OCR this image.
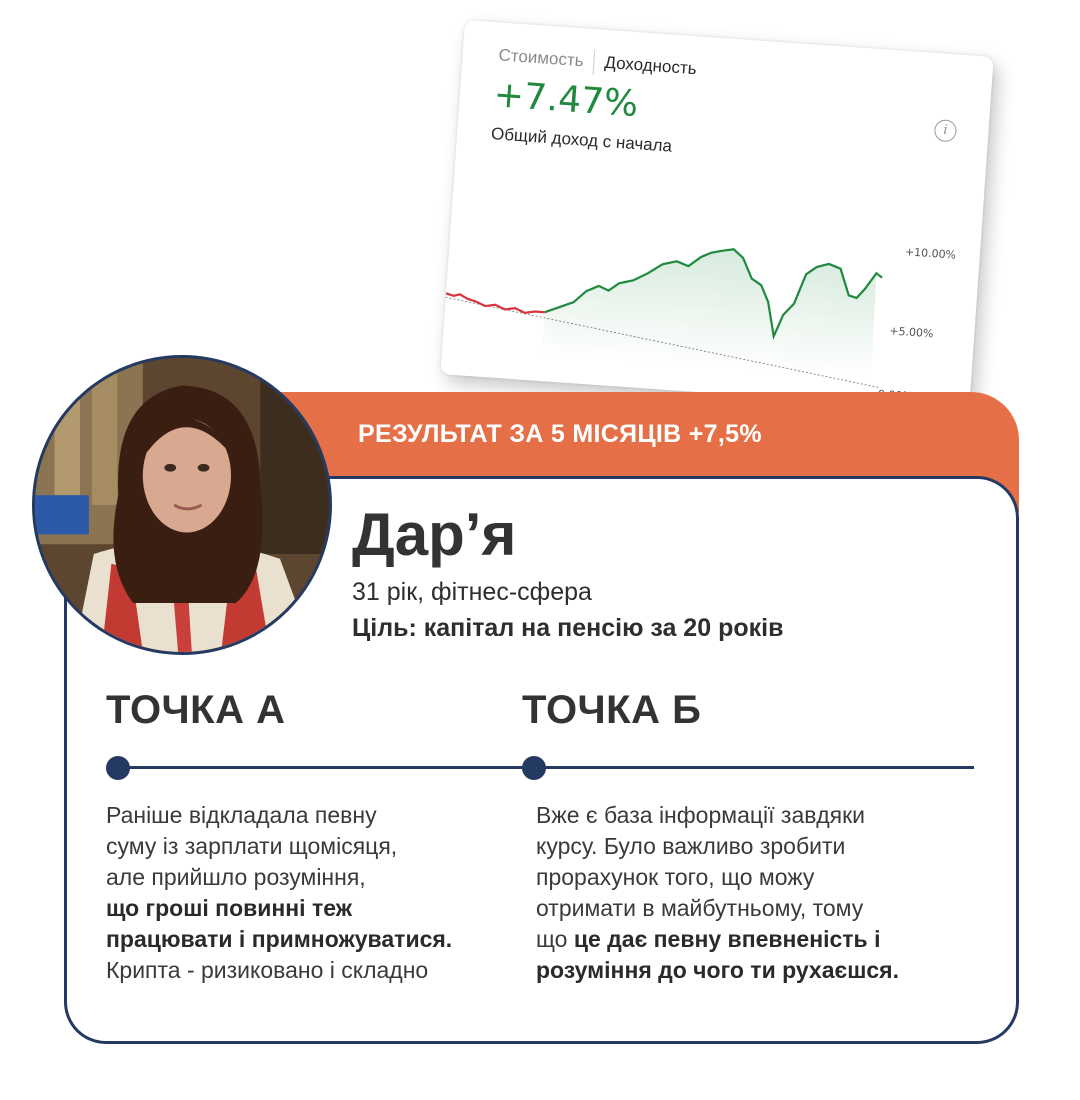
Стоимость	Доходность
+7.47%
Общий доход с начала	i
+10.00%
+5.00%
РЕЗУЛЬТАТ ЗА 5 МІСЯЦІВ +7,5%
Дар’я
31 рік, фітнес-сфера
Ціль: капітал на пенсію за 20 років
ТОЧКА А	ТОЧКА Б
Раніше відкладала певну
суму із зарплати щомісяця,
але прийшло розуміння,
що гроші повинні теж
працювати і примножуватися.
Крипта - ризиковано і складно
Вже є база інформації завдяки
курсу. Було важливо зробити
прорахунок того, що можу
отримати в майбутньому, тому
що це дає певну впевненість і
розуміння до чого ти рухаєшся.
